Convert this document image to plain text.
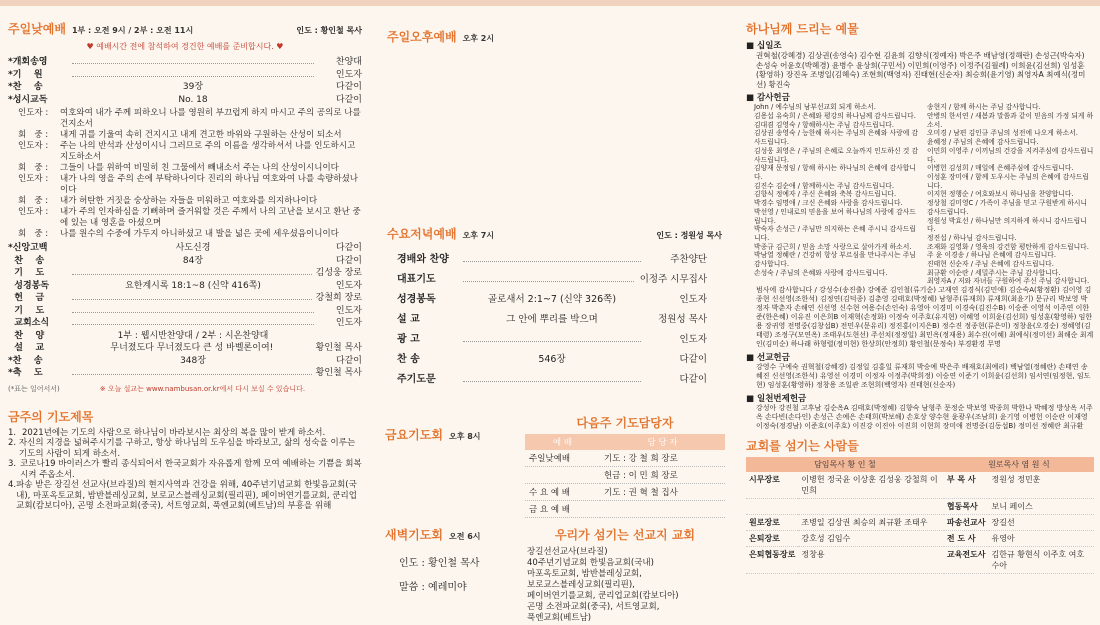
주일낮예배 1부 : 오전 9시 / 2부 : 오전 11시	인도 : 황인철 목사
♥ 예배시간 전에 참석하여 경건한 예배를 준비합시다. ♥
*개회송영	찬양대
*기    원	인도자
*찬    송	39장	다같이
*성시교독	No. 18	다같이
인도자 :	여호와여 내가 주께 피하오니 나를 영원히 부끄럽게 하지 마시고 주의 공의로 나를 건지소서
회   중 :	내게 귀를 기울여 속히 건지시고 내게 견고한 바위와 구원하는 산성이 되소서
인도자 :	주는 나의 반석과 산성이시니 그러므로 주의 이름을 생각하셔서 나를 인도하시고 지도하소서
회   중 :	그들이 나를 위하여 비밀히 친 그물에서 빼내소서 주는 나의 산성이시니이다
인도자 :	내가 나의 영을 주의 손에 부탁하나이다 진리의 하나님 여호와여 나를 속량하셨나이다
회   중 :	내가 허탄한 거짓을 숭상하는 자들을 미워하고 여호와를 의지하나이다
인도자 :	내가 주의 인자하심을 기뻐하며 즐거워할 것은 주께서 나의 고난을 보시고 환난 중에 있는 내 영혼을 아셨으며
회   중 :	나를 원수의 수중에 가두지 아니하셨고 내 발을 넓은 곳에 세우셨음이니이다
*신앙고백	사도신경	다같이
찬    송	84장	다같이
기    도	김성웅 장로
성경봉독	요한계시록 18:1~8 (신약 416쪽)	인도자
헌    금	강철희 장로
기    도	인도자
교회소식	인도자
찬    양	1부 : 웹시반찬양대 / 2부 : 시온찬양대
설    교	무너졌도다 무너졌도다 큰 성 바벨론이여!	황인철 목사
*찬    송	348장	다같이
*축    도	황인철 목사
(*표는 일어서서)	※ 오늘 설교는 www.nambusan.or.kr에서 다시 보실 수 있습니다.
금주의 기도제목
1. 2021년에는 기도의 사람으로 하나님이 바라보시는 최상의 복을 많이 받게 하소서.
2. 자신의 지경을 넓혀주시기를 구하고, 항상 하나님의 도우심을 바라보고, 삶의 성숙을 이루는 기도의 사람이 되게 하소서.
3. 코로나19 바이러스가 빨리 종식되어서 한국교회가 자유롭게 함께 모여 예배하는 기쁨을 회복시켜 주옵소서.
4. 파송 받은 장길선 선교사(브라질)의 현지사역과 건강을 위해, 40주년기념교회 한빛음교회(국내), 마포옥토교회, 밤반블레싱교회, 보로교스블레싱교회(필리핀), 페이버연기를교회, 쿤리업교회(캄보디아), 곤명 소전파교회(중국), 서트영교회, 푹엔교회(베트남)의 부흥을 위해
주일오후예배 오후 2시
수요저녁예배 오후 7시	인도 : 정원성 목사
경배와 찬양	주찬양단
대표기도	이정주 시무집사
성경봉독	골로새서 2:1~7 (신약 326쪽)	인도자
설 교	그 안에 뿌리를 박으며	정원성 목사
광 고	인도자
찬 송	546장	다같이
주기도문	다같이
금요기도회 오후 8시
새벽기도회 오전 6시
인도 : 황인철 목사
말씀 : 예레미야
다음주 기도담당자
예 배	담 당 자
주일낮예배	기도 : 강 철 희 장로
	헌금 : 이 민 희 장로
수 요 예 배	기도 : 권 혁 철 집사
금 요 예 배	
우리가 섬기는 선교지 교회
장길선선교사(브라질)
40주년기념교회 한빛음교회(국내)
마포옥토교회, 밤반블레싱교회,
보로교스블레싱교회(필리핀),
페이버연기를교회, 쿤리업교회(캄보디아)
곤명 소전파교회(중국), 서트영교회,
푹엔교회(베트남)
하나님께 드리는 예물
■ 십일조
권혁철(강혜경) 김상권(송영숙) 김수현 김윤희 김향식(정예자) 박은주 배남영(정해란) 손성근(박숙자) 손성숙 어윤호(박혜경) 윤병수 윤상희(구민서) 이민희(이영주) 이정주(김월례) 이희윤(김선희) 임성훈(황영하) 장진옥 조병일(김혜숙) 조현희(백영자) 진태현(신순자) 최승희(윤기영) 최영자A 최예식(정미선) 황진숙
■ 감사헌금
John / 예수님의 남부선교회 되게 하소서.
김용섭 유숙희 / 은혜와 평강의 하나님께 감사드립니다.
김대겸 김영숙 / 항해하시는 주님 감사드립니다.
김상권 송영숙 / 능한해 하시는 주님의 은혜와 사랑에 감사드립니다.
김성웅 최영은 / 주님의 은혜로 오늘까지 인도하신 것 감사드립니다.
김양재 문정임 / 항해 하시는 하나님의 은혜에 감사합니다.
김진수 김순애 / 함께하시는 주님 감사드립니다.
김향식 정예자 / 주신 은혜와 축복 감사드립니다.
박경수 임명애 / 크신 은혜와 사랑을 감사드립니다.
박선영 / 인내로의 믿음을 보여 하나님의 사랑에 감사드립니다.
박숙자 손성근 / 주님만 의지하는 은혜 주시니 감사드립니다.
박종규 김근희 / 믿음 소망 사랑으로 살아가게 하소서.
박남열 정혜란 / 건강히 항상 부르심을 만나주시는 주님 감사합니다.
손성숙 / 주님의 은혜와 사랑에 감사드립니다.
송현지 / 함께 하시는 주님 감사합니다.
안병의 한서연 / 새봄과 말씀과 같이 믿음의 가정 되게 하소서.
오미경 / 남편 김인규 주님의 성전에 나오게 하소서.
윤혜정 / 주님의 은혜에 감사드립니다.
이민희 이영주 / 이끼님의 건강을 지켜주심에 감사드립니다.
이병헌 김성희 / 매일에 은혜주심에 감사드립니다.
이성훈 장미애 / 함께 도우시는 주님의 은혜에 감사드립니다.
이지현 정행순 / 여호와보시 하나님을 찬양합니다.
정상철 김미영C / 가족이 주님을 믿고 구원받게 하시니 감사드립니다.
정원성 박효선 / 하나님만 의지하게 하시니 감사드립니다.
정진섭 / 하나님 감사드립니다.
조재화 김영화 / 영육의 강건함 평탄하게 감사드립니다.
주 윤 이경송 / 하나님 은혜에 감사드립니다.
진태현 신순자 / 주님 은혜에 감사드립니다.
최규환 이순란 / 세밀주시는 주님 감사합니다.
최영자A / 저와 자녀들 구원하여 주신 주님 감사합니다.
범사에 감사합니다 / 강성수(송진출) 강예준 김인철(류기순) 고재연 김경식(김민애) 김순숙A(황정환) 김이영 김종현 신선영(조한석) 김정연(김덕종) 김춘영 김태호(박정혜) 남형주(류재희) 류재희(최윤기) 문규리 박보영 박정자 박춘자 손해연 신선영 신수현 여용수(손인숙) 유영아 이경미 이경숙(김진수B) 이승준 이영석 이주연 이한준(한은혜) 이유진 이은희B 이재혁(손정화) 이정숙 이주호(유지현) 이혜영 이희윤(김선희) 임성훈(황영하) 임한용 장귀영 전명중(김창섭B) 전민우(문유리) 정진홍(이지은B) 정수진 정종현(류은미) 정창윤(오경순) 정혜영(김태령) 조정구(모연옥) 조태우(도현선) 주선치(정정일) 최민옥(정재용) 최수진(이혜) 최예식(정미선) 최해순 최계인(김미순) 하나래 하형렬(정미현) 한상희(안정희) 황인철(문정숙) 부경환경 무명
■ 선교헌금
강영수 구예숙 권혁철(강혜경) 김정일 김홍일 류재희 박승예 박은주 배재호(최예리) 백남열(정혜란) 손태연 송혜진 신선영(조한석) 유영선 이경미 이정자 이정주(박희정) 이승연 이준기 이희윤(김선희) 임서연(임정현, 임도현) 임성훈(황영하) 정창용 조일관 조현희(백영자) 진태현(신순자)
■ 일천번제헌금
강성아 강진철 고후남 김순옥A 김태호(박정혜) 김향숙 남형주 문정순 박보영 박종희 박한나 박혜정 방상옥 서주옥 손다빈(손다인) 손성근 손예은 손태희(박보해) 손호상 양수현 윤광우(조남희) 윤기영 이병헌 이순란 이재영 이정숙(정경남) 이준호(이주호) 이진강 이진아 이진희 이현희 장미애 전명중(김동섭B) 정미선 정혜란 최규환
교회를 섬기는 사람들
담임목사 황 인 철		원로목사 염 원 식	
시무장로	이병헌 정국윤 이상훈 김성웅 강철희 이민희	부 목 사	정원성 정민훈
		협동목사	보니 페이스
원로장로	조병일 김상권 최승의 최규환 조태우	파송선교사	장길선
은퇴장로	강호성 김임수	전 도 사	유영아
은퇴협동장로	정창용	교육전도사	김한규 황현식 이주호 여호수아
